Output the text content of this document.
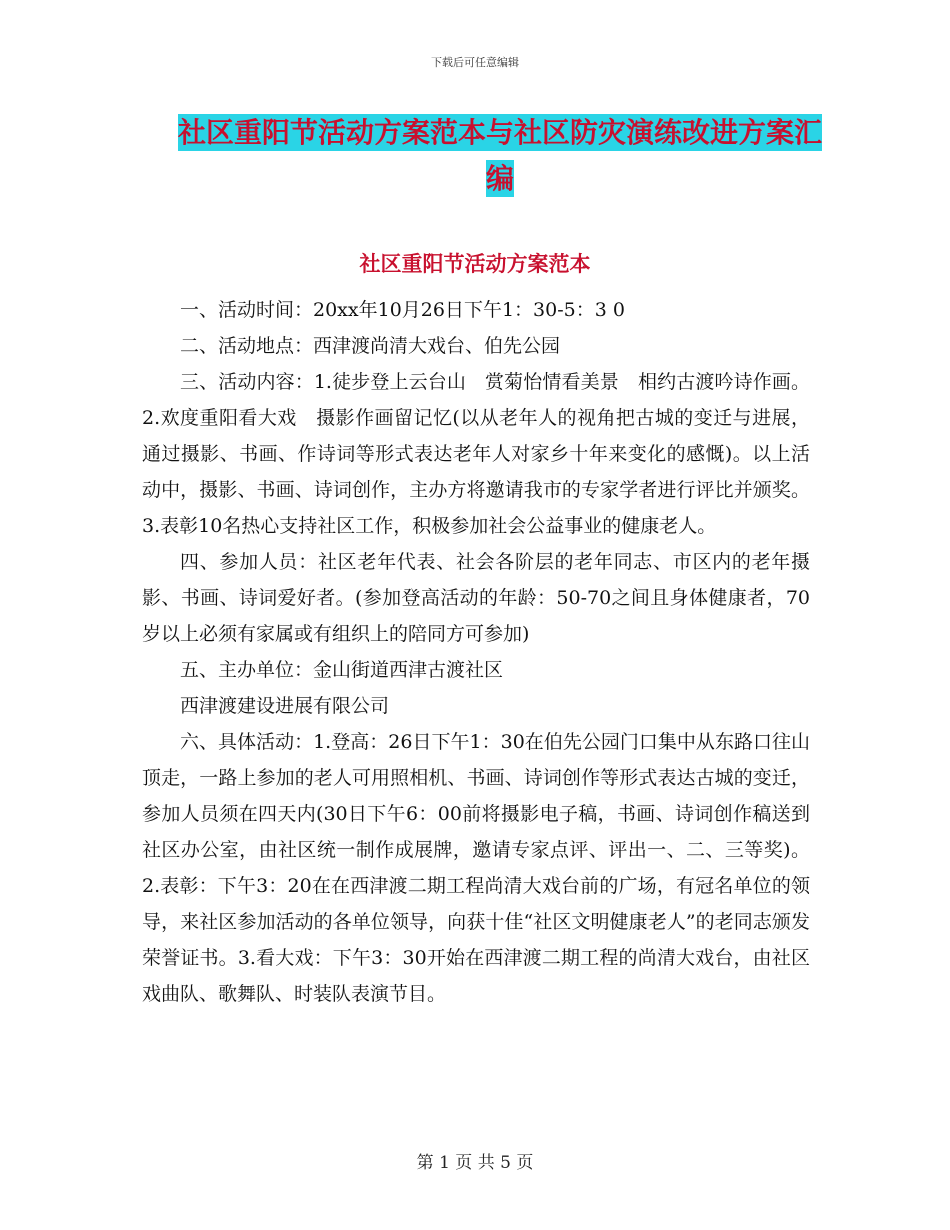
下载后可任意编辑
社区重阳节活动方案范本与社区防灾演练改进方案汇编
社区重阳节活动方案范本

一、活动时间：20xx年10月26日下午1：30-5：3 0

二、活动地点：西津渡尚清大戏台、伯先公园

三、活动内容：1.徒步登上云台山　赏菊怡情看美景　相约古渡吟诗作画。2.欢度重阳看大戏　摄影作画留记忆(以从老年人的视角把古城的变迁与进展，通过摄影、书画、作诗词等形式表达老年人对家乡十年来变化的感慨)。以上活动中，摄影、书画、诗词创作，主办方将邀请我市的专家学者进行评比并颁奖。3.表彰10名热心支持社区工作，积极参加社会公益事业的健康老人。

四、参加人员：社区老年代表、社会各阶层的老年同志、市区内的老年摄影、书画、诗词爱好者。(参加登高活动的年龄：50-70之间且身体健康者，70岁以上必须有家属或有组织上的陪同方可参加)

五、主办单位：金山街道西津古渡社区

西津渡建设进展有限公司

六、具体活动：1.登高：26日下午1：30在伯先公园门口集中从东路口往山顶走，一路上参加的老人可用照相机、书画、诗词创作等形式表达古城的变迁，参加人员须在四天内(30日下午6：00前将摄影电子稿，书画、诗词创作稿送到社区办公室，由社区统一制作成展牌，邀请专家点评、评出一、二、三等奖)。2.表彰：下午3：20在在西津渡二期工程尚清大戏台前的广场，有冠名单位的领导，来社区参加活动的各单位领导，向获十佳“社区文明健康老人”的老同志颁发荣誉证书。3.看大戏：下午3：30开始在西津渡二期工程的尚清大戏台，由社区戏曲队、歌舞队、时装队表演节目。

第 1 页 共 5 页
